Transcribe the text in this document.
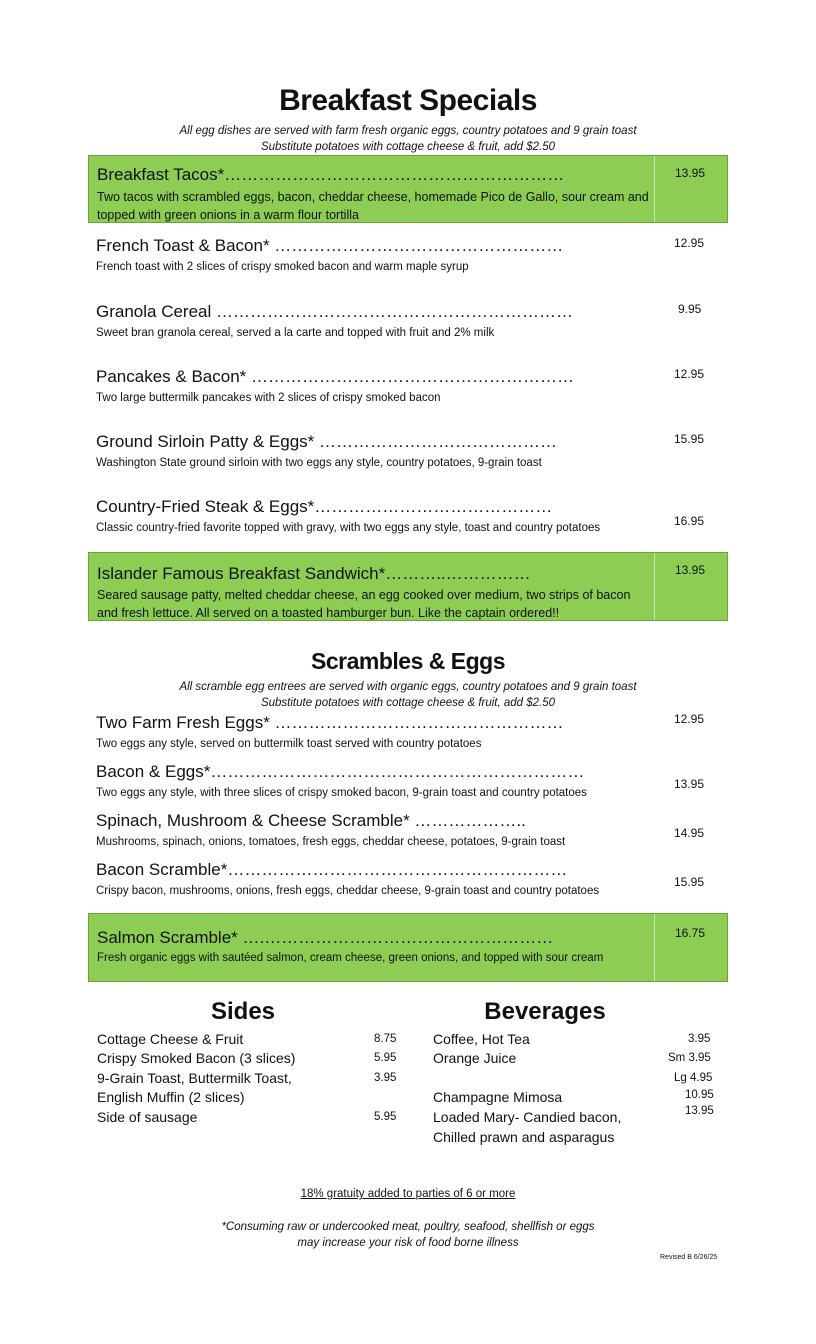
Breakfast Specials
All egg dishes are served with farm fresh organic eggs, country potatoes and 9 grain toast
Substitute potatoes with cottage cheese & fruit, add $2.50
Breakfast Tacos*……………………………………………………
Two tacos with scrambled eggs, bacon, cheddar cheese, homemade Pico de Gallo, sour cream and topped with green onions in a warm flour tortilla
13.95
French Toast & Bacon* ……………………………………………
French toast with 2 slices of crispy smoked bacon and warm maple syrup
12.95
Granola Cereal ………………………………………………………
Sweet bran granola cereal, served a la carte and topped with fruit and 2% milk
9.95
Pancakes & Bacon* …………………………………………………
Two large buttermilk pancakes with 2 slices of crispy smoked bacon
12.95
Ground Sirloin Patty & Eggs* ……………………………………
Washington State ground sirloin with two eggs any style, country potatoes, 9-grain toast
15.95
Country-Fried Steak & Eggs*……………………………………
Classic country-fried favorite topped with gravy, with two eggs any style, toast and country potatoes	16.95
Islander Famous Breakfast Sandwich*………..……………
Seared sausage patty, melted cheddar cheese, an egg cooked over medium, two strips of bacon and fresh lettuce. All served on a toasted hamburger bun. Like the captain ordered!!
13.95
Scrambles & Eggs
All scramble egg entrees are served with organic eggs, country potatoes and 9 grain toast
Substitute potatoes with cottage cheese & fruit, add $2.50
Two Farm Fresh Eggs* ……………………………………………
Two eggs any style, served on buttermilk toast served with country potatoes
12.95
Bacon & Eggs*…………………………………………………………
Two eggs any style, with three slices of crispy smoked bacon, 9-grain toast and country potatoes
13.95
Spinach, Mushroom & Cheese Scramble* ………………..
Mushrooms, spinach, onions, tomatoes, fresh eggs, cheddar cheese, potatoes, 9-grain toast
14.95
Bacon Scramble*……………………………………………………
Crispy bacon, mushrooms, onions, fresh eggs, cheddar cheese, 9-grain toast and country potatoes
15.95
Salmon Scramble* ….……………………………………………
Fresh organic eggs with sautéed salmon, cream cheese, green onions, and topped with sour cream
16.75
Sides
Cottage Cheese & Fruit	8.75
Crispy Smoked Bacon (3 slices)	5.95
9-Grain Toast, Buttermilk Toast,	3.95
English Muffin (2 slices)
Side of sausage	5.95
Beverages
Coffee, Hot Tea	3.95
Orange Juice	Sm 3.95
Lg 4.95
Champagne Mimosa	10.95
Loaded Mary- Candied bacon,	13.95
Chilled prawn and asparagus
18% gratuity added to parties of 6 or more
*Consuming raw or undercooked meat, poultry, seafood, shellfish or eggs
may increase your risk of food borne illness
Revised B 6/26/25
